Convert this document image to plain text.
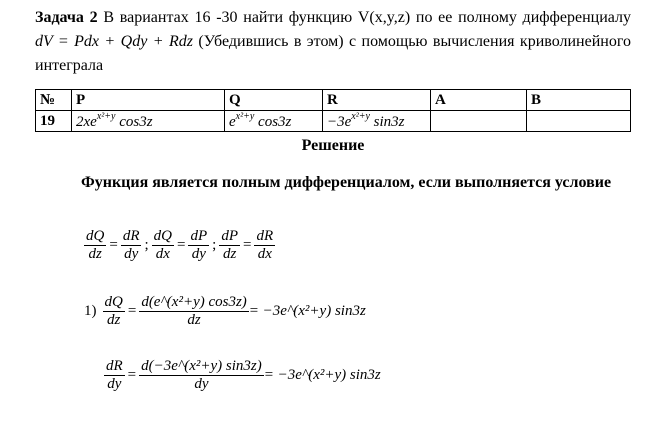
Задача 2 В вариантах 16 -30 найти функцию V(x,y,z) по ее полному дифференциалу dV = Pdx + Qdy + Rdz (Убедившись в этом) с помощью вычисления криволинейного интеграла

№	P	Q	R	A	B
19	$2xe^{x^2+y}$ cos3z	$e^{x^2+y}$ cos3z	$-3e^{x^2+y}$ sin3z		
Решение

Функция является полным дифференциалом, если выполняется условие

$\frac{dQ}{dz} = \frac{dR}{dy}$ ; $\frac{dQ}{dx} = \frac{dP}{dy}$ ; $\frac{dP}{dz} = \frac{dR}{dx}$
$1) \frac{dQ}{dz} = \frac{\text{d(e\textasciicircum{}(x²+y) cos3z)}}{dz}$ = −3e^(x²+y) sin3z
$\frac{dR}{dy} = \frac{\text{d(−3e\textasciicircum{}(x²+y) sin3z)}}{dy}$ = −3e^(x²+y) sin3z
